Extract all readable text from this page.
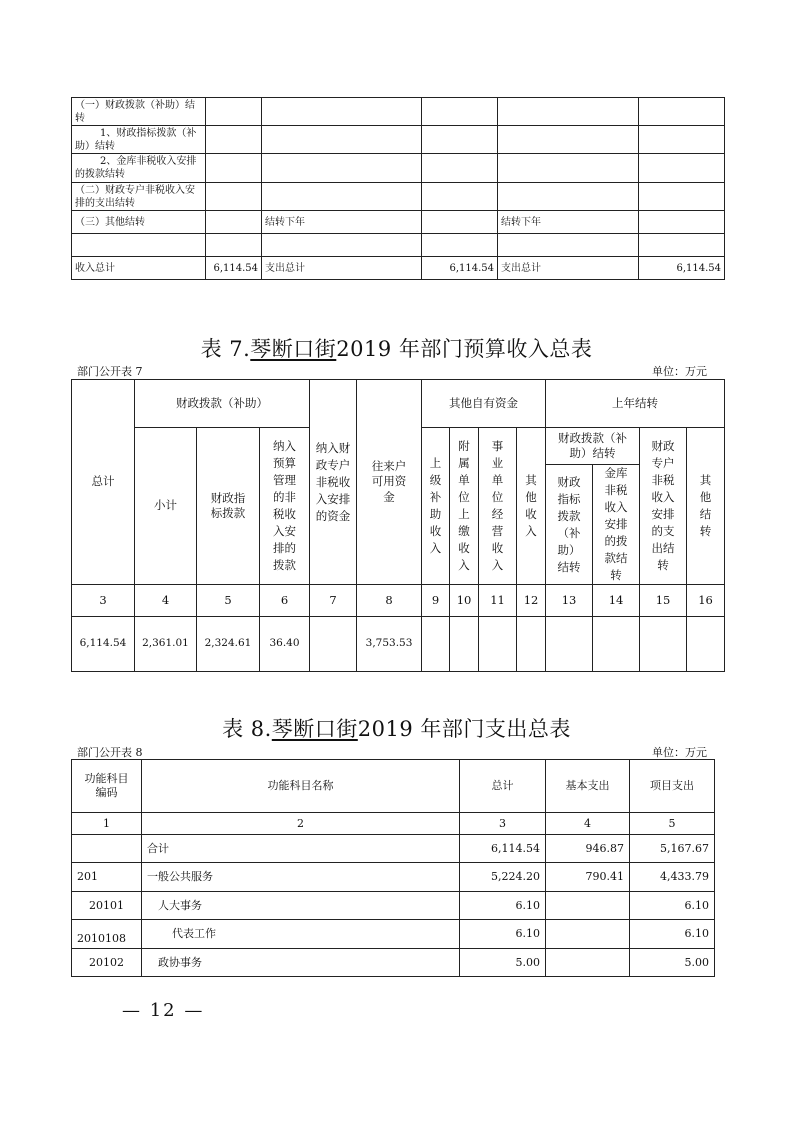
（一）财政拨款（补助）结转					
1、财政指标拨款（补助）结转					
2、金库非税收入安排的拨款结转					
（二）财政专户非税收入安排的支出结转					
（三）其他结转		结转下年		结转下年	

收入总计	6,114.54	支出总计	6,114.54	支出总计	6,114.54
表 7.琴断口街2019 年部门预算收入总表
部门公开表 7	单位：万元
总计	财政拨款（补助）			纳入财政专户非税收入安排的资金	往来户可用资金	其他自有资金				上年结转			
	小计	财政指标拨款	纳入预算管理的非税收入安排的拨款			上级补助收入	附属单位上缴收入	事业单位经营收入	其他收入	财政拨款（补助）结转		财政专户非税收入安排的支出结转	其他结转
										财政指标拨款（补助）结转	金库非税收入安排的拨款结转		
3	4	5	6	7	8	9	10	11	12	13	14	15	16
6,114.54	2,361.01	2,324.61	36.40		3,753.53								
表 8.琴断口街2019 年部门支出总表
部门公开表 8	单位：万元
功能科目编码	功能科目名称	总计	基本支出	项目支出
1	2	3	4	5
	合计	6,114.54	946.87	5,167.67
201	一般公共服务	5,224.20	790.41	4,433.79
20101	人大事务	6.10		6.10
2010108	代表工作	6.10		6.10
20102	政协事务	5.00		5.00
— 12 —
